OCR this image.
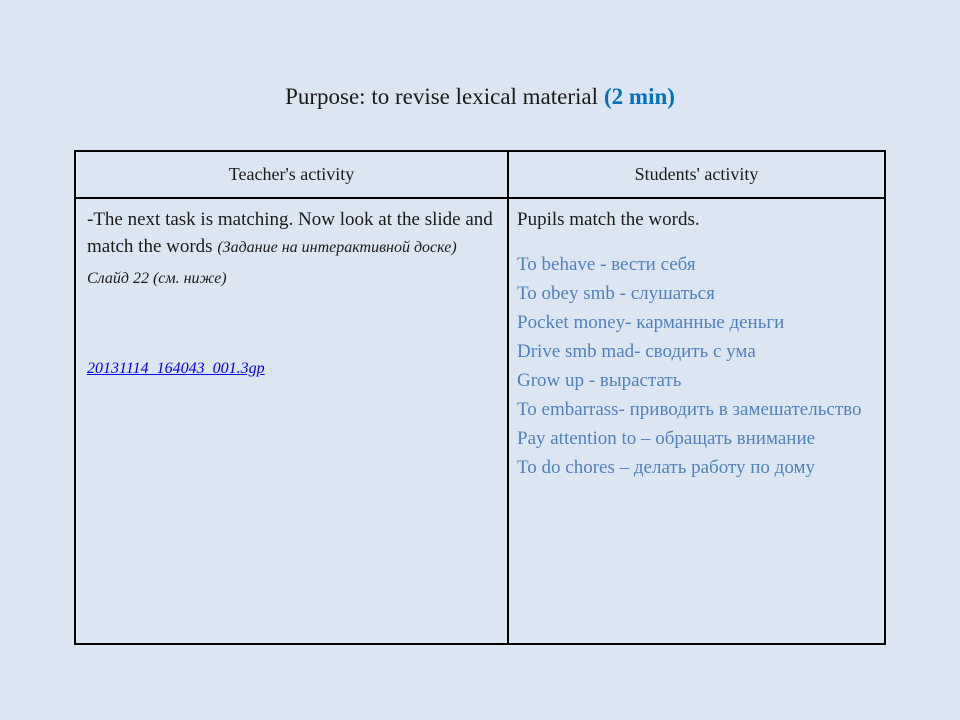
Purpose: to revise lexical material (2 min)
Teacher's activity	Students' activity
-The next task is matching. Now look at the slide and match the words (Задание на интерактивной доске)
Слайд 22 (см. ниже)
20131114_164043_001.3gp
Pupils match the words.
To behave - вести себя
To obey smb - слушаться
Pocket money- карманные деньги
Drive smb mad- сводить с ума
Grow up - вырастать
To embarrass- приводить в замешательство
Pay attention to – обращать внимание
To do chores – делать работу по дому
